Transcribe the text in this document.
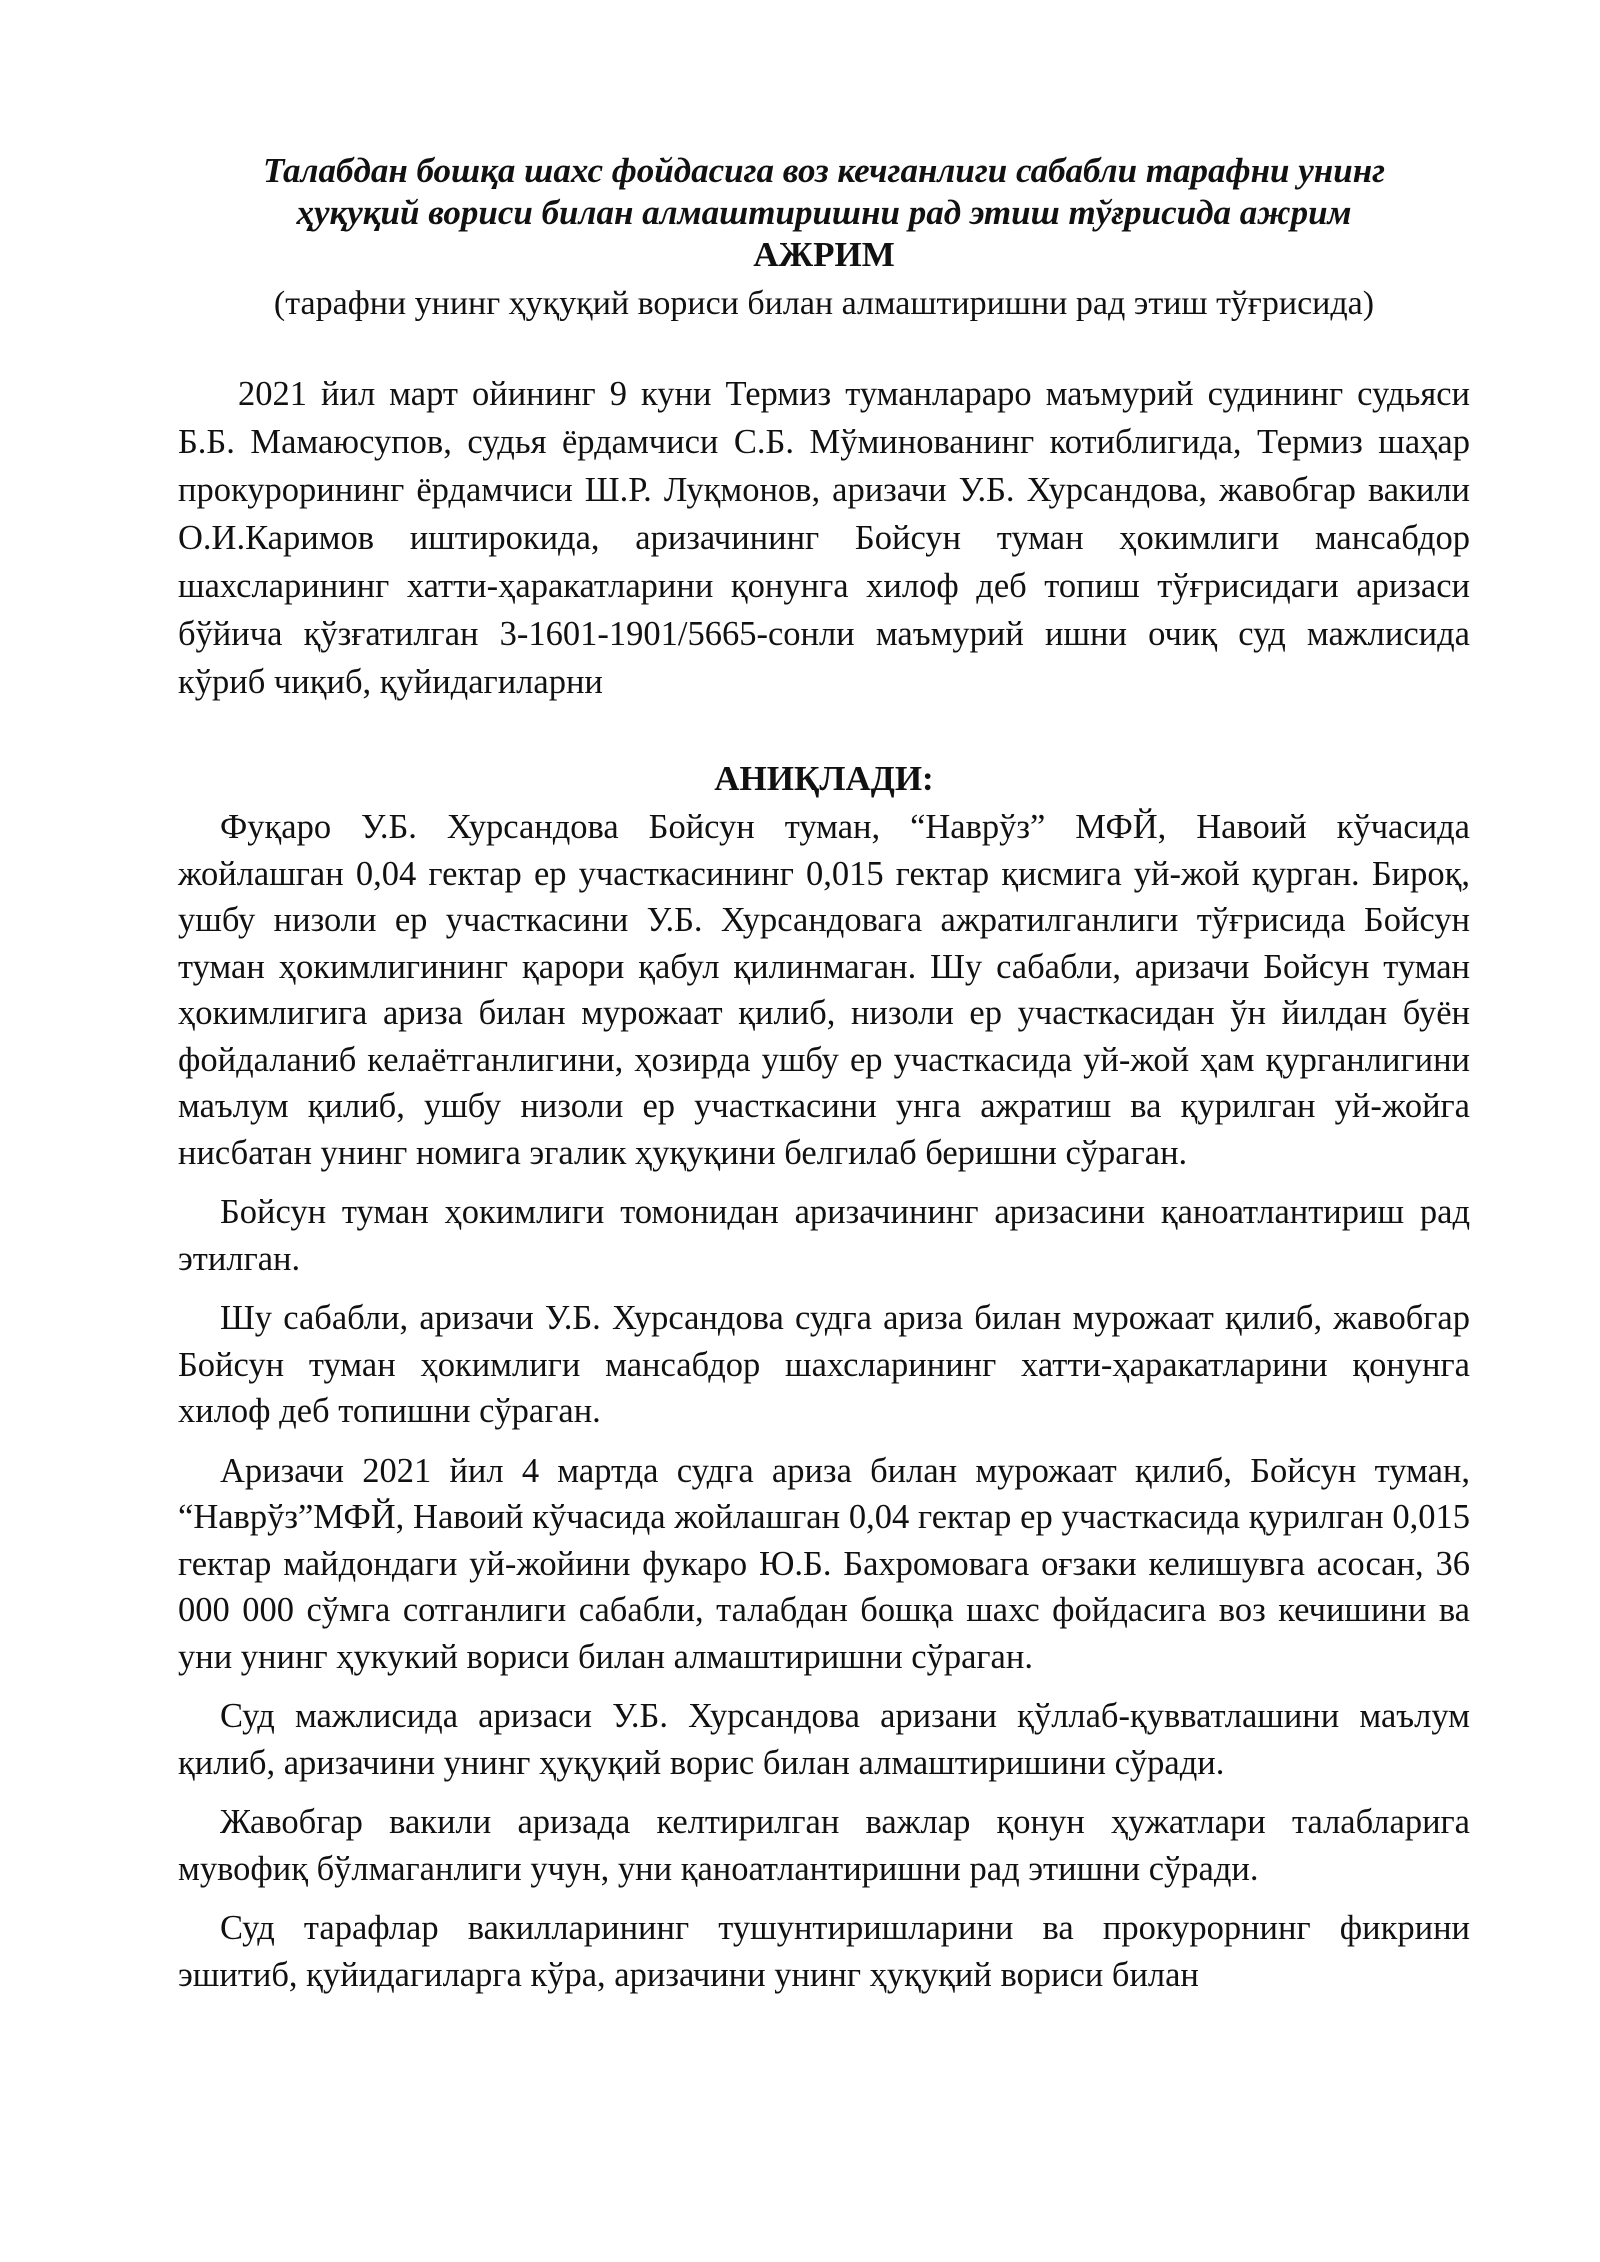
Талабдан бошқа шахс фойдасига воз кечганлиги сабабли тарафни унинг
ҳуқуқий вориси билан алмаштиришни рад этиш тўғрисида ажрим
АЖРИМ
(тарафни унинг ҳуқуқий вориси билан алмаштиришни рад этиш тўғрисида)

2021 йил март ойининг 9 куни Термиз туманлараро маъмурий судининг судьяси Б.Б. Мамаюсупов, судья ёрдамчиси С.Б. Мўминованинг котиблигида, Термиз шаҳар прокурорининг ёрдамчиси Ш.Р. Луқмонов, аризачи У.Б. Хурсандова, жавобгар вакили О.И.Каримов иштирокида, аризачининг Бойсун туман ҳокимлиги мансабдор шахсларининг хатти-ҳаракатларини қонунга хилоф деб топиш тўғрисидаги аризаси бўйича қўзғатилган 3-1601-1901/5665-сонли маъмурий ишни очиқ суд мажлисида кўриб чиқиб, қуйидагиларни

АНИҚЛАДИ:

Фуқаро У.Б. Хурсандова Бойсун туман, “Наврўз” МФЙ, Навоий кўчасида жойлашган 0,04 гектар ер участкасининг 0,015 гектар қисмига уй-жой қурган. Бироқ, ушбу низоли ер участкасини У.Б. Хурсандовага ажратилганлиги тўғрисида Бойсун туман ҳокимлигининг қарори қабул қилинмаган. Шу сабабли, аризачи Бойсун туман ҳокимлигига ариза билан мурожаат қилиб, низоли ер участкасидан ўн йилдан буён фойдаланиб келаётганлигини, ҳозирда ушбу ер участкасида уй-жой ҳам қурганлигини маълум қилиб, ушбу низоли ер участкасини унга ажратиш ва қурилган уй-жойга нисбатан унинг номига эгалик ҳуқуқини белгилаб беришни сўраган.

Бойсун туман ҳокимлиги томонидан аризачининг аризасини қаноатлантириш рад этилган.

Шу сабабли, аризачи У.Б. Хурсандова судга ариза билан мурожаат қилиб, жавобгар Бойсун туман ҳокимлиги мансабдор шахсларининг хатти-ҳаракатларини қонунга хилоф деб топишни сўраган.

Аризачи 2021 йил 4 мартда судга ариза билан мурожаат қилиб, Бойсун туман, “Наврўз”МФЙ, Навоий кўчасида жойлашган 0,04 гектар ер участкасида қурилган 0,015 гектар майдондаги уй-жойини фукаро Ю.Б. Бахромовага оғзаки келишувга асосан, 36 000 000 сўмга сотганлиги сабабли, талабдан бошқа шахс фойдасига воз кечишини ва уни унинг ҳукукий вориси билан алмаштиришни сўраган.

Суд мажлисида аризаси У.Б. Хурсандова аризани қўллаб-қувватлашини маълум қилиб, аризачини унинг ҳуқуқий ворис билан алмаштиришини сўради.

Жавобгар вакили аризада келтирилган важлар қонун ҳужатлари талабларига мувофиқ бўлмаганлиги учун, уни қаноатлантиришни рад этишни сўради.

Суд тарафлар вакилларининг тушунтиришларини ва прокурорнинг фикрини эшитиб, қуйидагиларга кўра, аризачини унинг ҳуқуқий вориси билан
